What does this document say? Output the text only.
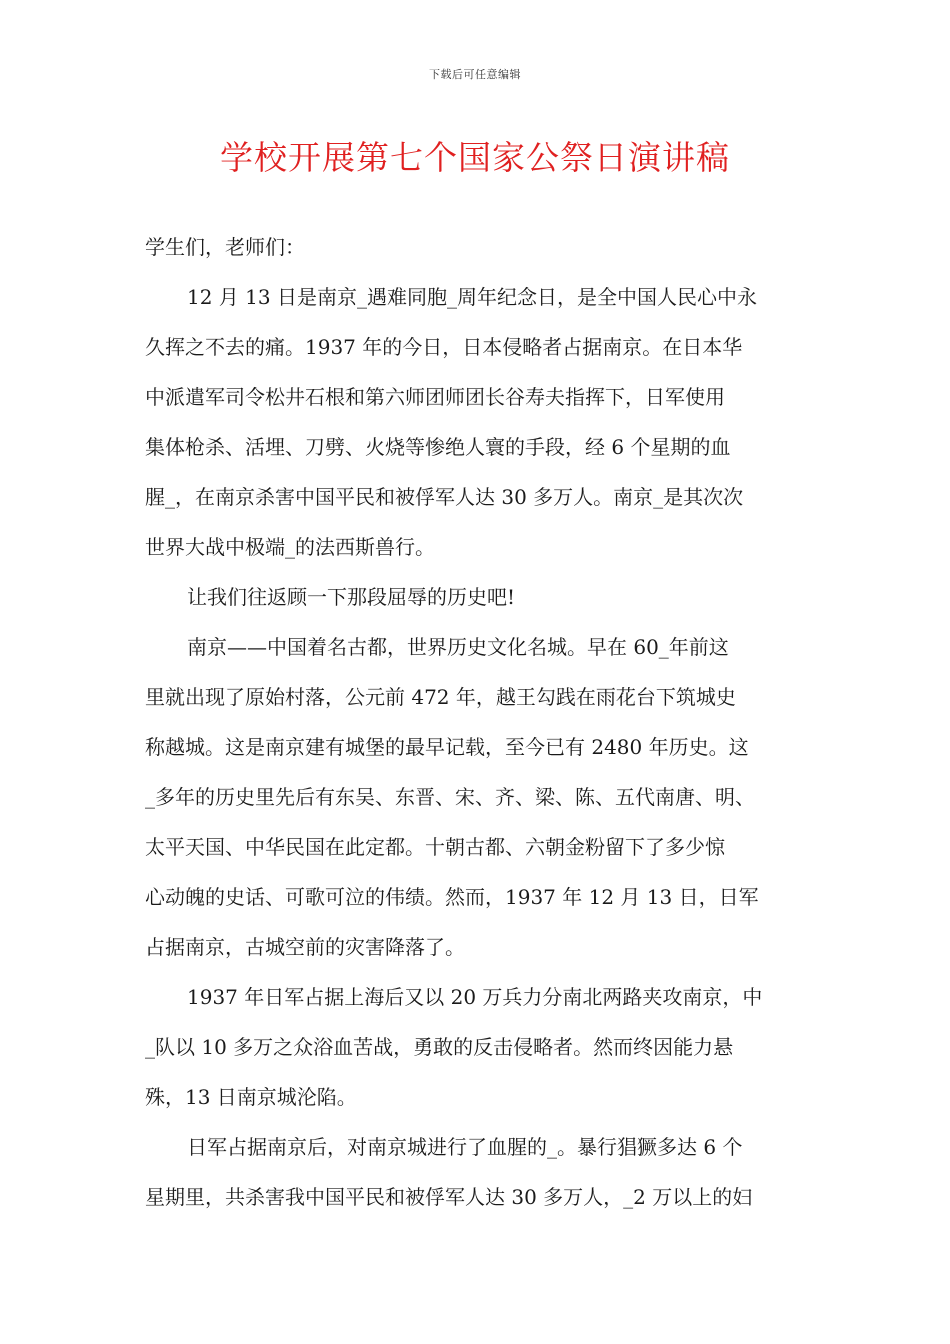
下载后可任意编辑
学校开展第七个国家公祭日演讲稿
学生们，老师们：
12 月 13 日是南京_遇难同胞_周年纪念日，是全中国人民心中永
久挥之不去的痛。1937 年的今日，日本侵略者占据南京。在日本华
中派遣军司令松井石根和第六师团师团长谷寿夫指挥下，日军使用
集体枪杀、活埋、刀劈、火烧等惨绝人寰的手段，经 6 个星期的血
腥_，在南京杀害中国平民和被俘军人达 30 多万人。南京_是其次次
世界大战中极端_的法西斯兽行。
让我们往返顾一下那段屈辱的历史吧!
南京——中国着名古都，世界历史文化名城。早在 60_年前这
里就出现了原始村落，公元前 472 年，越王勾践在雨花台下筑城史
称越城。这是南京建有城堡的最早记载，至今已有 2480 年历史。这
_多年的历史里先后有东吴、东晋、宋、齐、梁、陈、五代南唐、明、
太平天国、中华民国在此定都。十朝古都、六朝金粉留下了多少惊
心动魄的史话、可歌可泣的伟绩。然而，1937 年 12 月 13 日，日军
占据南京，古城空前的灾害降落了。
1937 年日军占据上海后又以 20 万兵力分南北两路夹攻南京，中
_队以 10 多万之众浴血苦战，勇敢的反击侵略者。然而终因能力悬
殊，13 日南京城沦陷。
日军占据南京后，对南京城进行了血腥的_。暴行猖獗多达 6 个
星期里，共杀害我中国平民和被俘军人达 30 多万人，_2 万以上的妇
